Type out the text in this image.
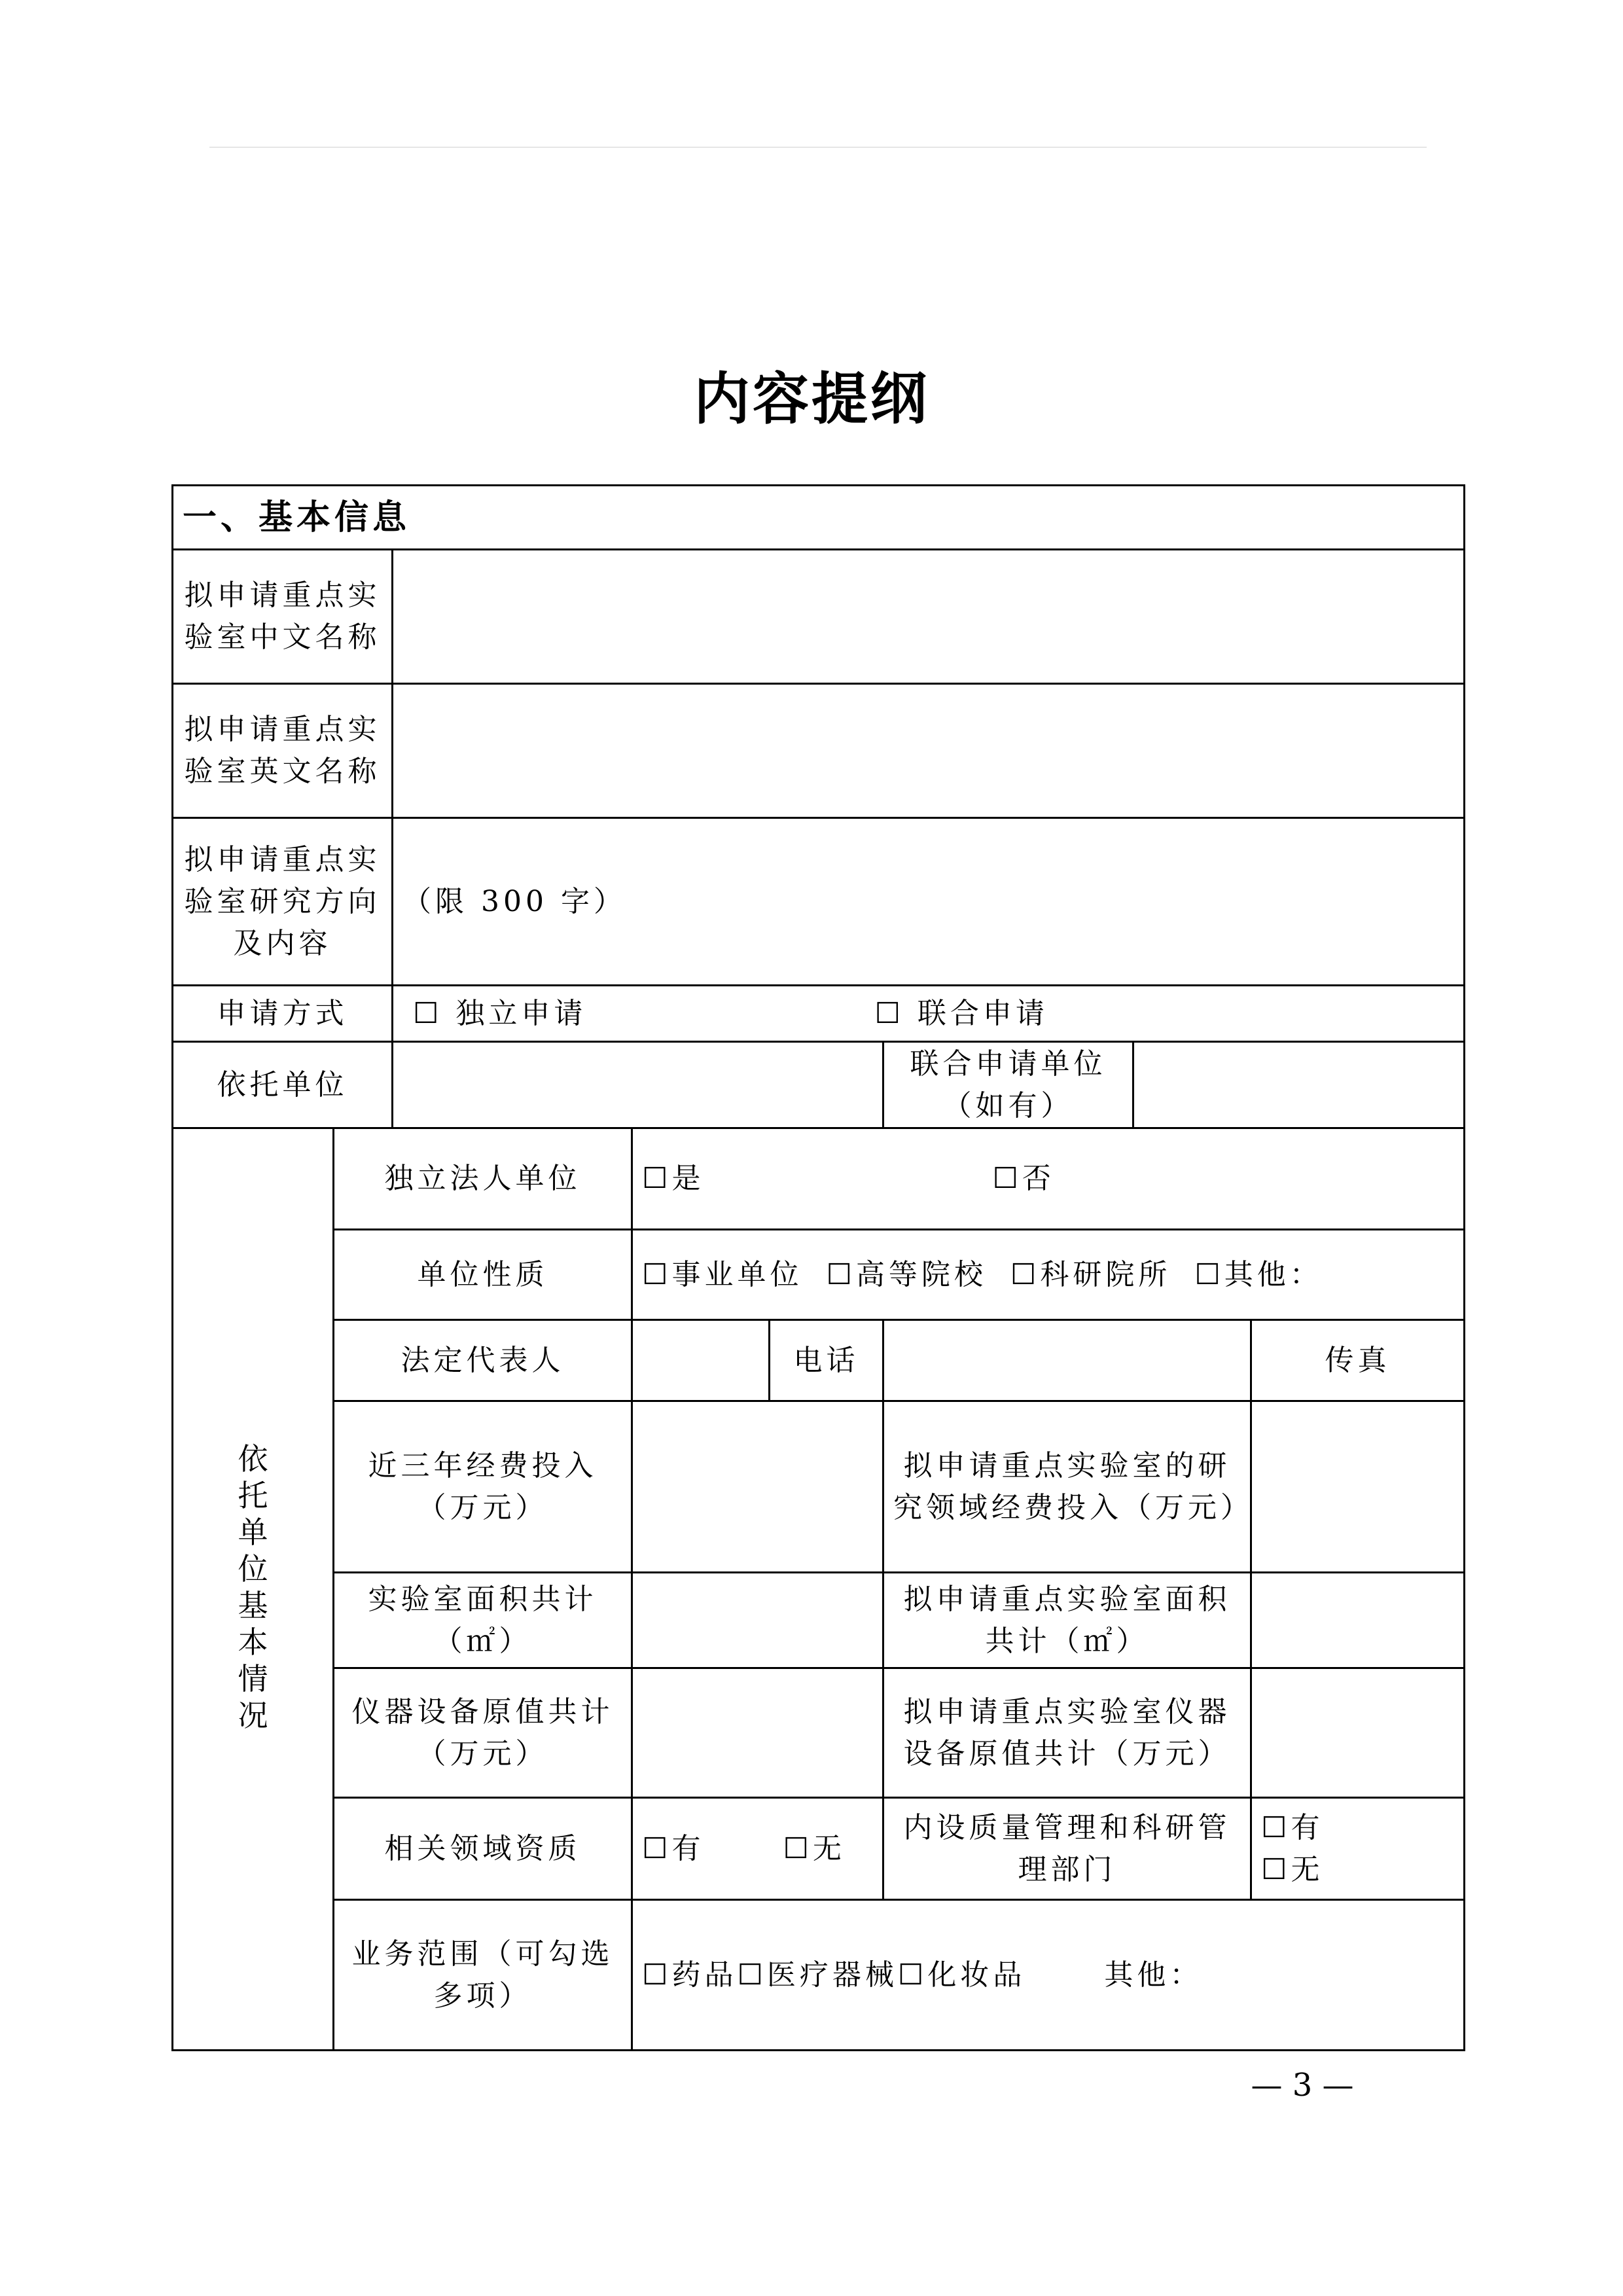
内容提纲
一、基本信息								
拟申请重点实验室中文名称								
拟申请重点实验室英文名称								
拟申请重点实验室研究方向及内容		（限 300 字）						
申请方式		☐ 独立申请 ☐ 联合申请						
依托单位					联合申请单位（如有）			
依托单位基本情况	独立法人单位		☐是 ☐否					
	单位性质		☐事业单位 ☐高等院校 ☐科研院所 ☐其他：					
	法定代表人			电话			传真	
	近三年经费投入（万元）				拟申请重点实验室的研究领域经费投入（万元）			
	实验室面积共计（㎡）				拟申请重点实验室面积共计（㎡）			
	仪器设备原值共计（万元）				拟申请重点实验室仪器设备原值共计（万元）			
	相关领域资质		☐有 ☐无		内设质量管理和科研管理部门		☐有☐无	
	业务范围（可勾选多项）		☐药品☐医疗器械☐化妆品 其他：					
— 3 —
